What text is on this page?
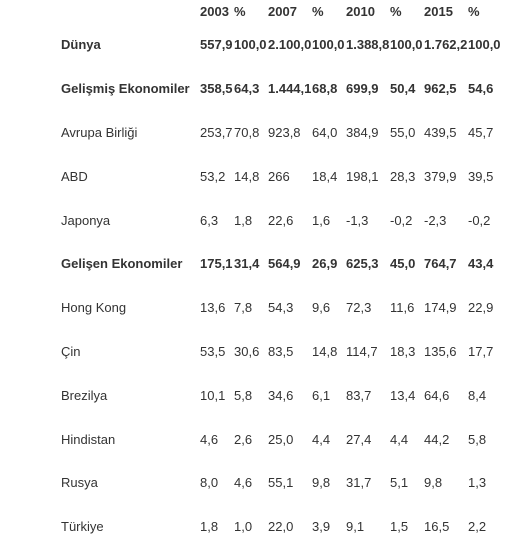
	2003	%	2007	%	2010	%	2015	%
Dünya	557,9	100,0	2.100,0	100,0	1.388,8	100,0	1.762,2	100,0
Gelişmiş Ekonomiler	358,5	64,3	1.444,1	68,8	699,9	50,4	962,5	54,6
Avrupa Birliği	253,7	70,8	923,8	64,0	384,9	55,0	439,5	45,7
ABD	53,2	14,8	266	18,4	198,1	28,3	379,9	39,5
Japonya	6,3	1,8	22,6	1,6	-1,3	-0,2	-2,3	-0,2
Gelişen Ekonomiler	175,1	31,4	564,9	26,9	625,3	45,0	764,7	43,4
Hong Kong	13,6	7,8	54,3	9,6	72,3	11,6	174,9	22,9
Çin	53,5	30,6	83,5	14,8	114,7	18,3	135,6	17,7
Brezilya	10,1	5,8	34,6	6,1	83,7	13,4	64,6	8,4
Hindistan	4,6	2,6	25,0	4,4	27,4	4,4	44,2	5,8
Rusya	8,0	4,6	55,1	9,8	31,7	5,1	9,8	1,3
Türkiye	1,8	1,0	22,0	3,9	9,1	1,5	16,5	2,2
